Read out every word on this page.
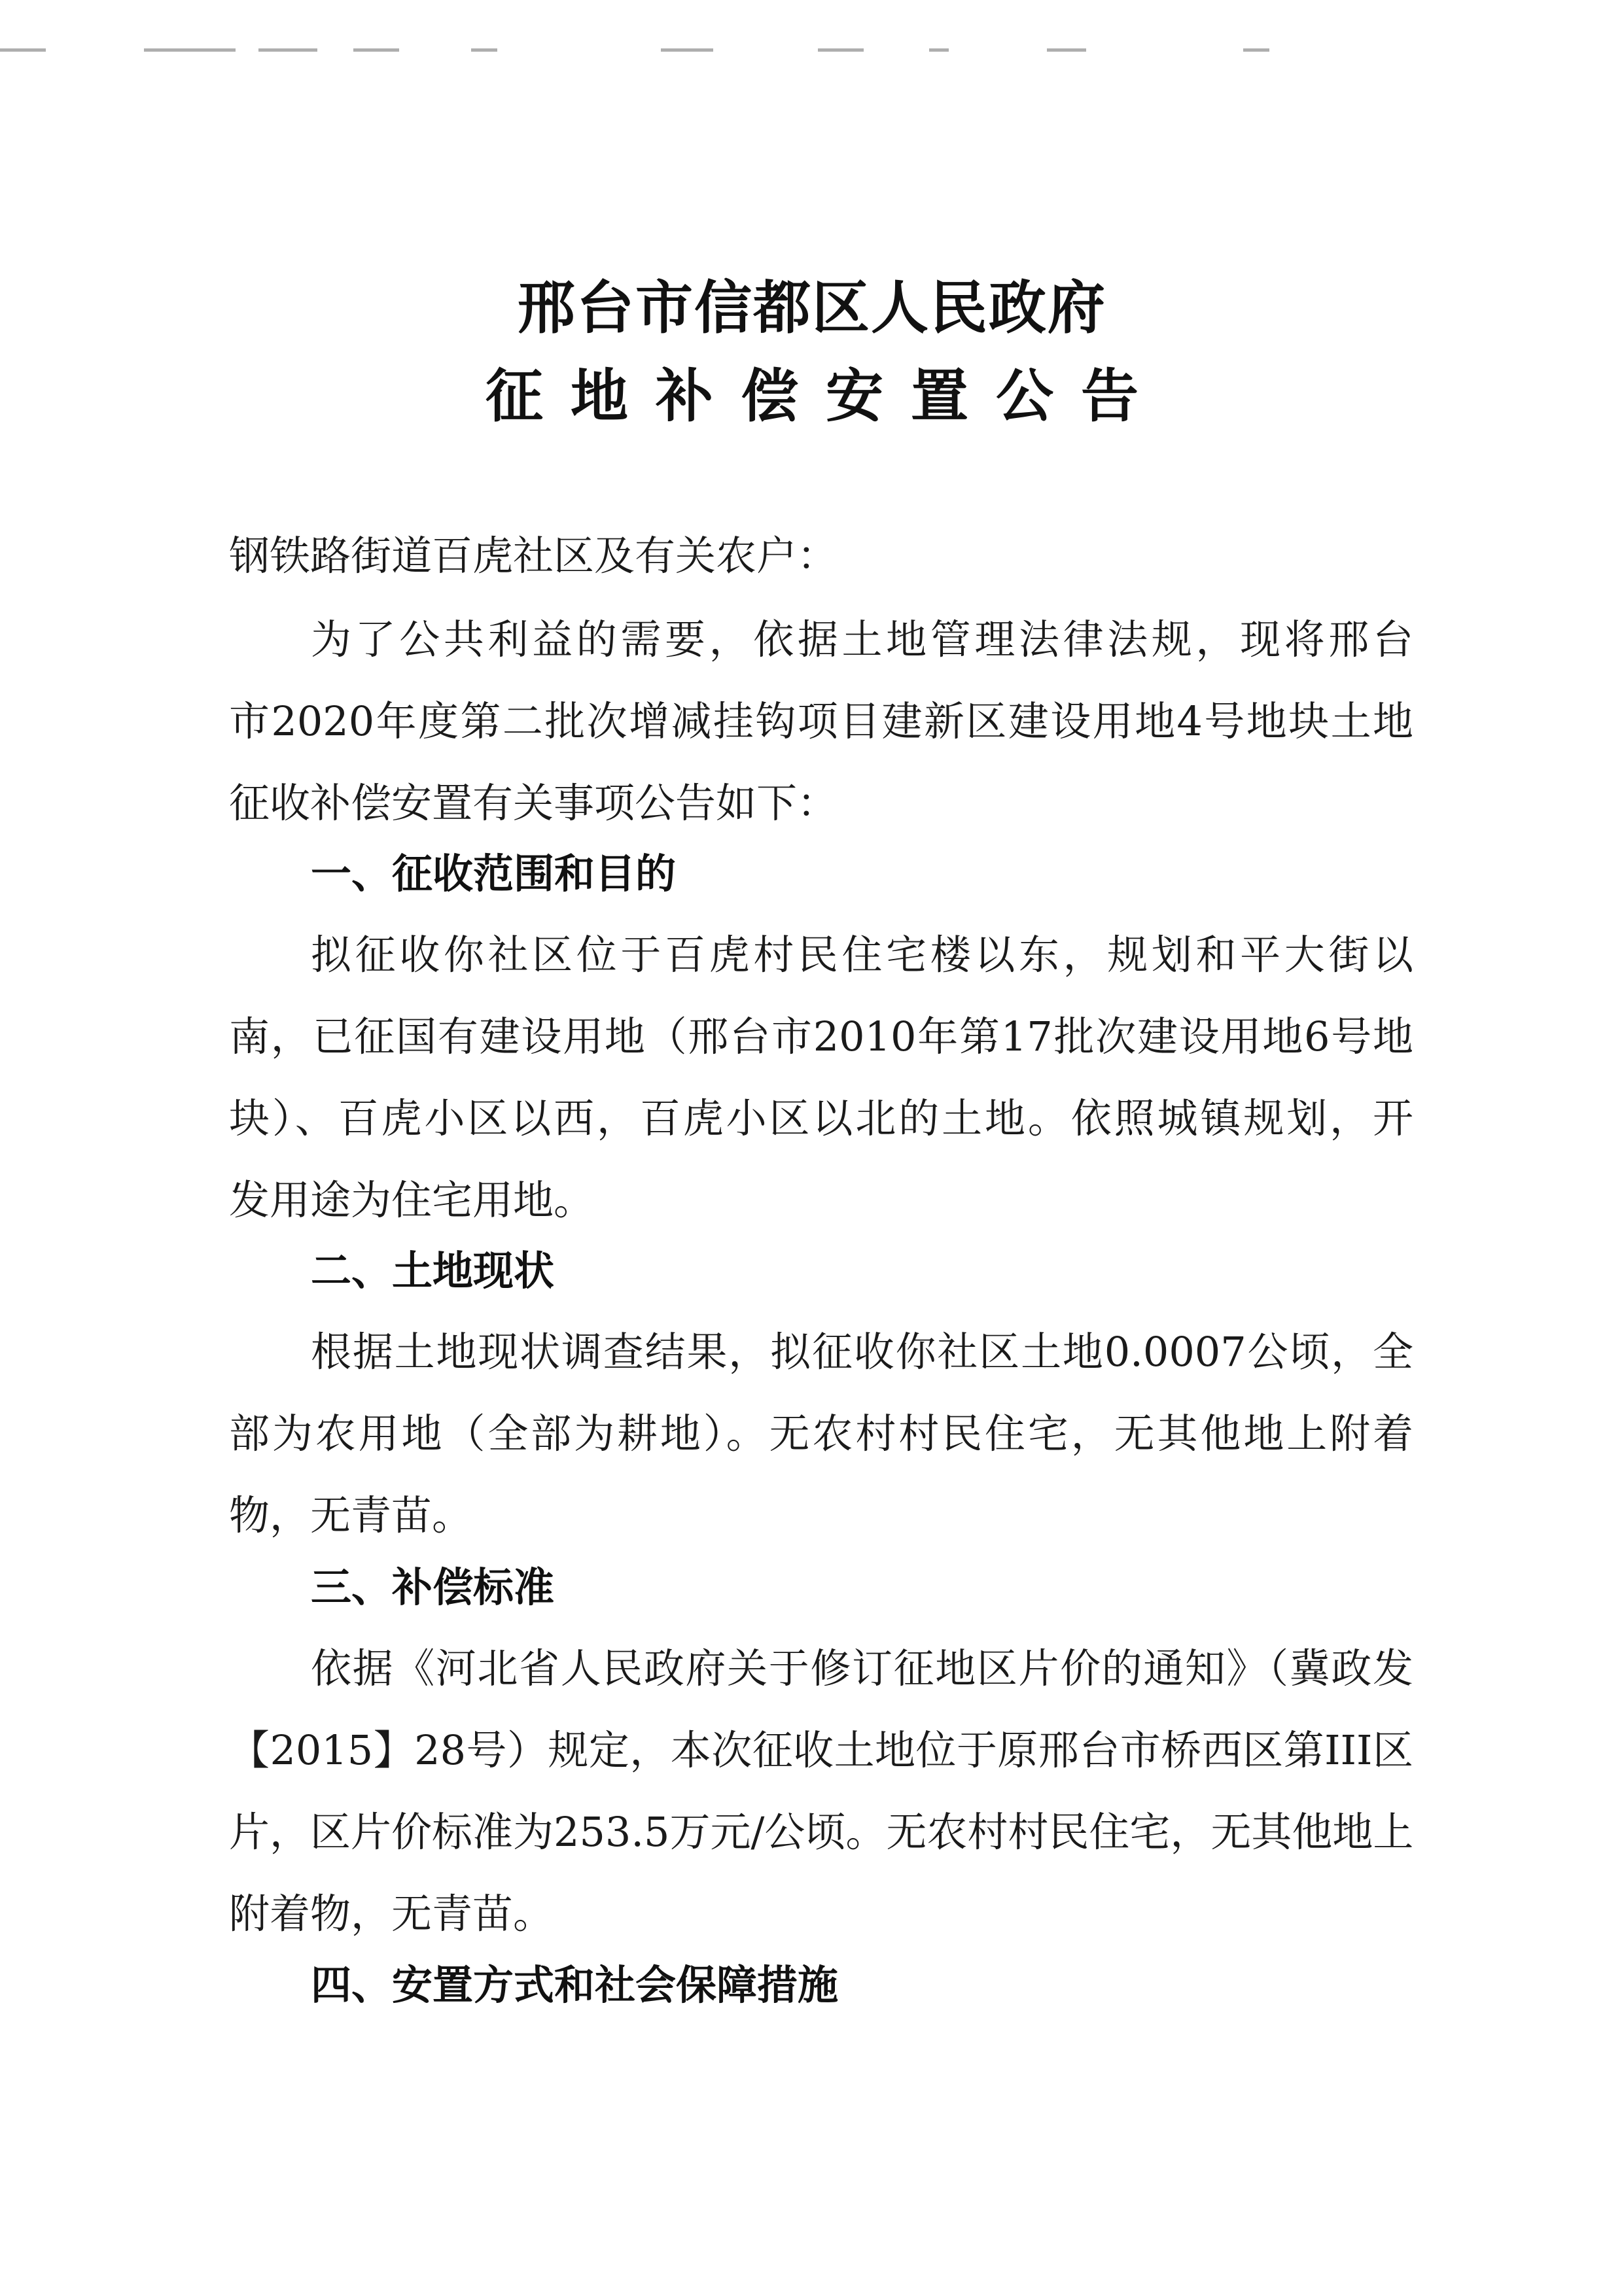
邢台市信都区人民政府
征地补偿安置公告
钢铁路街道百虎社区及有关农户：
为了公共利益的需要，依据土地管理法律法规，现将邢台
市2020年度第二批次增减挂钩项目建新区建设用地4号地块土地
征收补偿安置有关事项公告如下：
一、征收范围和目的
拟征收你社区位于百虎村民住宅楼以东，规划和平大街以
南，已征国有建设用地（邢台市2010年第17批次建设用地6号地
块）、百虎小区以西，百虎小区以北的土地。依照城镇规划，开
发用途为住宅用地。
二、土地现状
根据土地现状调查结果，拟征收你社区土地0.0007公顷，全
部为农用地（全部为耕地）。无农村村民住宅，无其他地上附着
物，无青苗。
三、补偿标准
依据《河北省人民政府关于修订征地区片价的通知》（冀政发
【2015】28号）规定，本次征收土地位于原邢台市桥西区第III区
片，区片价标准为253.5万元/公顷。无农村村民住宅，无其他地上
附着物，无青苗。
四、安置方式和社会保障措施
